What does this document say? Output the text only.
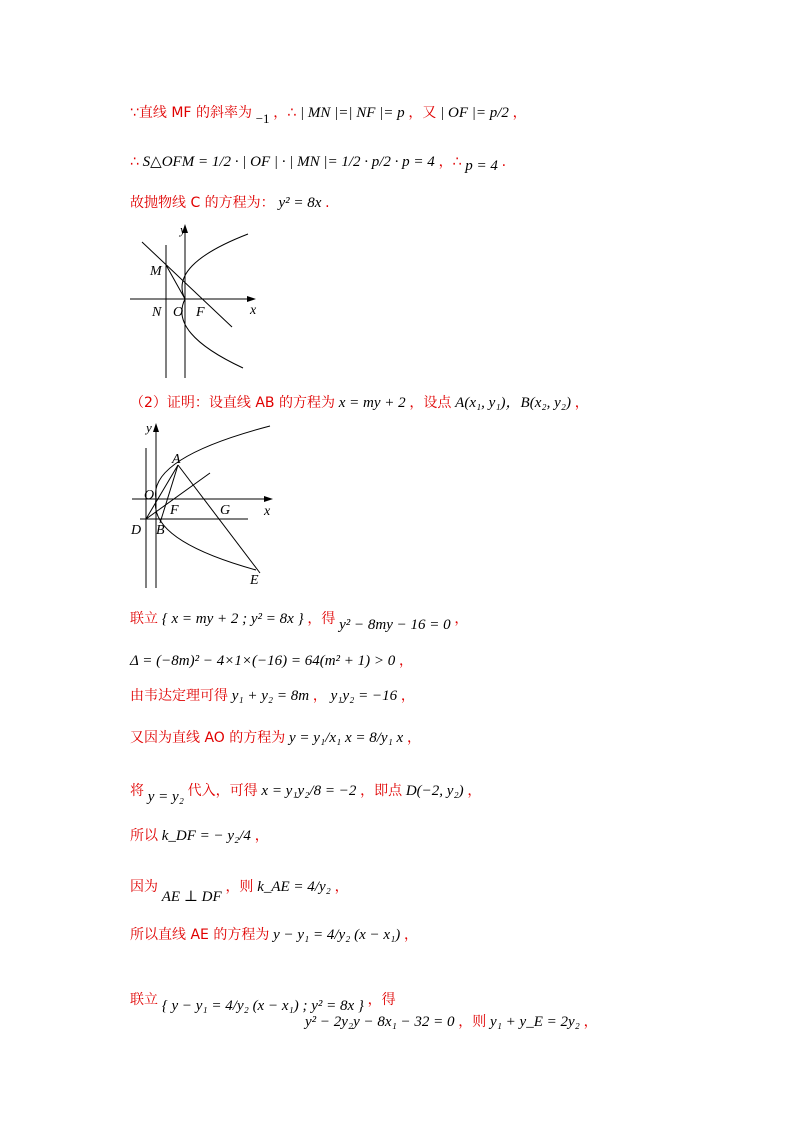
∵直线 MF 的斜率为 −1 ，∴ | MN |=| NF |= p ，又 | OF |= p/2 ，
∴ S△OFM = 1/2 · | OF | · | MN |= 1/2 · p/2 · p = 4 ，∴ p = 4 .
故抛物线 C 的方程为： y² = 8x .
y
x
M
N O F
（2）证明：设直线 AB 的方程为 x = my + 2 ，设点 A(x₁, y₁)，B(x₂, y₂) ，
y
x
A
O
F	G
D B
E
联立 { x = my + 2 ; y² = 8x } ，得 y² − 8my − 16 = 0 ，
Δ = (−8m)² − 4×1×(−16) = 64(m² + 1) > 0 ，
由韦达定理可得 y₁ + y₂ = 8m ， y₁y₂ = −16 ，
又因为直线 AO 的方程为 y = y₁/x₁ x = 8/y₁ x ，
将 y = y₂ 代入，可得 x = y₁y₂/8 = −2 ，即点 D(−2, y₂) ，
所以 k_DF = − y₂/4 ，
因为 AE ⊥ DF ，则 k_AE = 4/y₂ ，
所以直线 AE 的方程为 y − y₁ = 4/y₂ (x − x₁) ，
联立 { y − y₁ = 4/y₂ (x − x₁) ; y² = 8x } ，得
y² − 2y₂y − 8x₁ − 32 = 0 ，则 y₁ + y_E = 2y₂ ，
